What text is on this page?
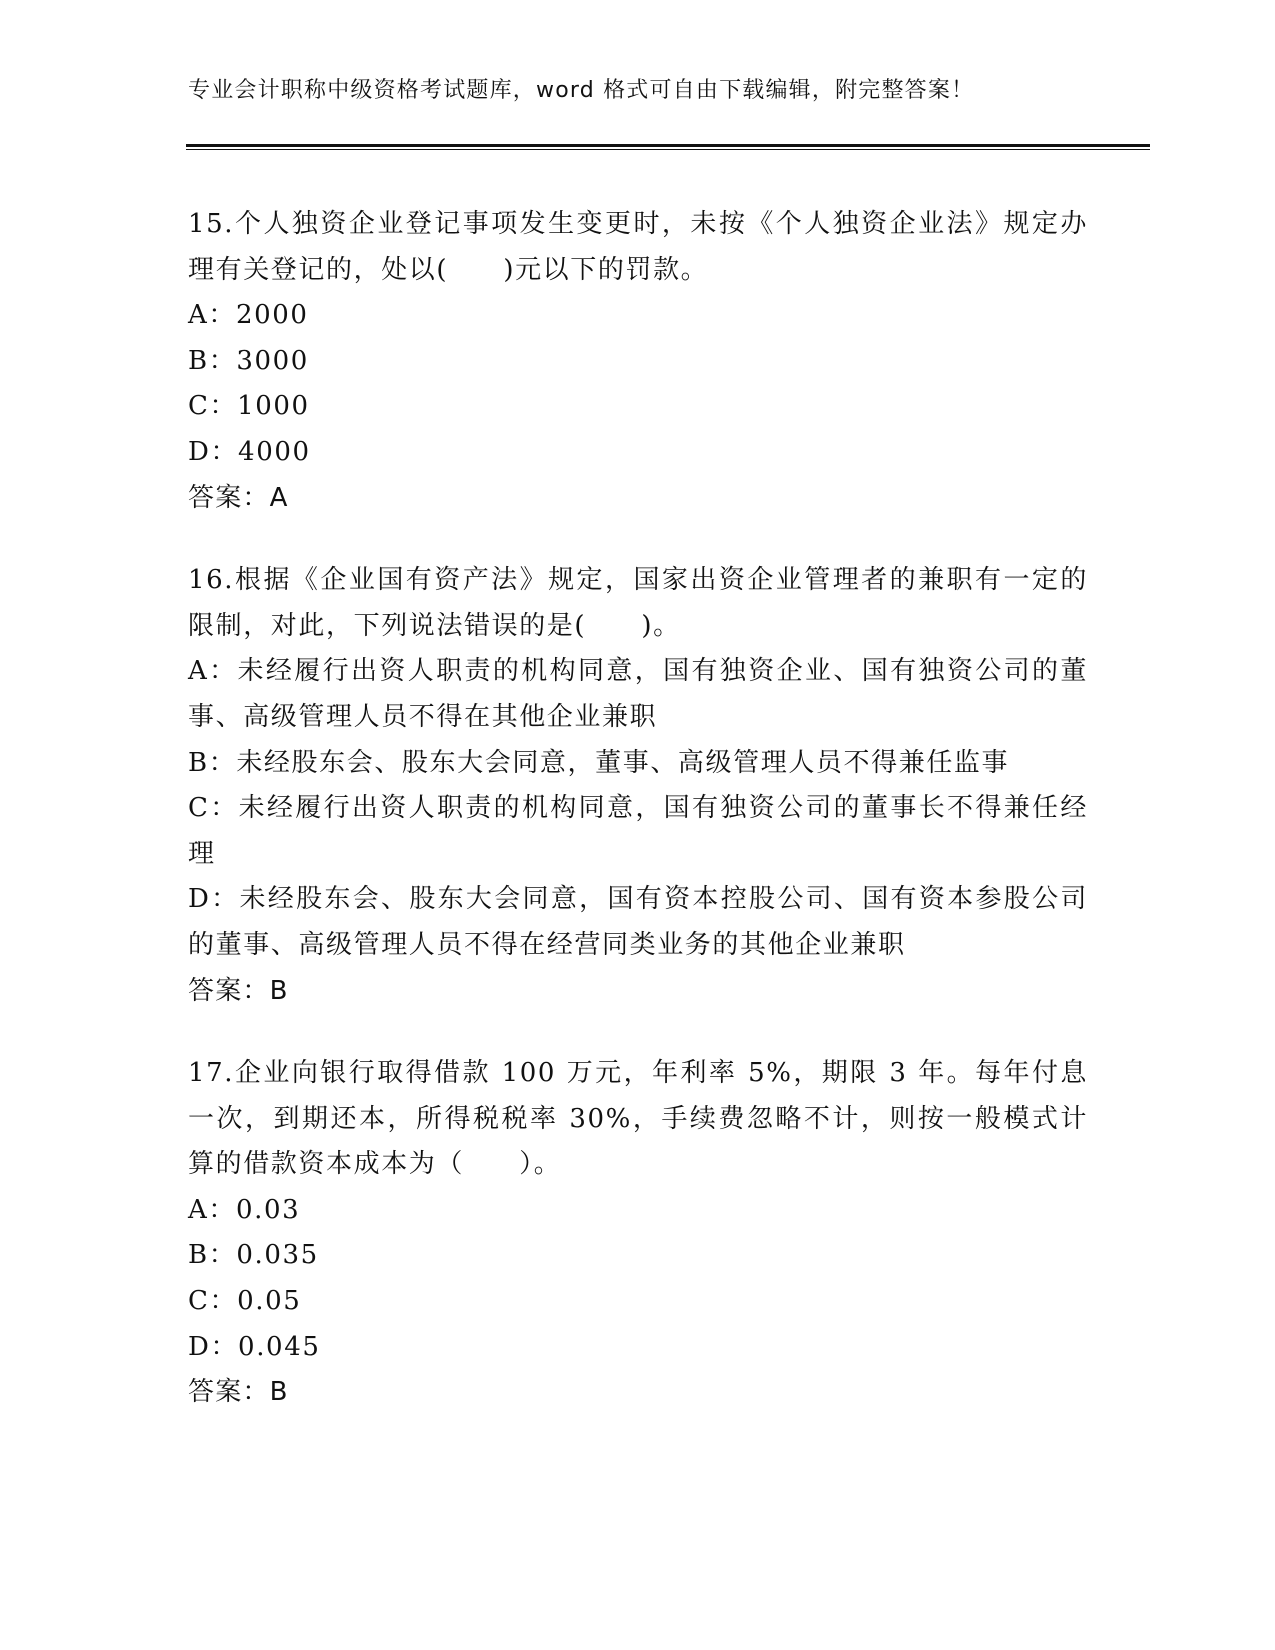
专业会计职称中级资格考试题库，word 格式可自由下载编辑，附完整答案！

15.个人独资企业登记事项发生变更时，未按《个人独资企业法》规定办理有关登记的，处以(　　)元以下的罚款。

A：2000

B：3000

C：1000

D：4000

答案：A

16.根据《企业国有资产法》规定，国家出资企业管理者的兼职有一定的限制，对此，下列说法错误的是(　　)。

A：未经履行出资人职责的机构同意，国有独资企业、国有独资公司的董事、高级管理人员不得在其他企业兼职

B：未经股东会、股东大会同意，董事、高级管理人员不得兼任监事

C：未经履行出资人职责的机构同意，国有独资公司的董事长不得兼任经理

D：未经股东会、股东大会同意，国有资本控股公司、国有资本参股公司的董事、高级管理人员不得在经营同类业务的其他企业兼职

答案：B

17.企业向银行取得借款 100 万元，年利率 5%，期限 3 年。每年付息一次，到期还本，所得税税率 30%，手续费忽略不计，则按一般模式计算的借款资本成本为（　　）。

A：0.03

B：0.035

C：0.05

D：0.045

答案：B
